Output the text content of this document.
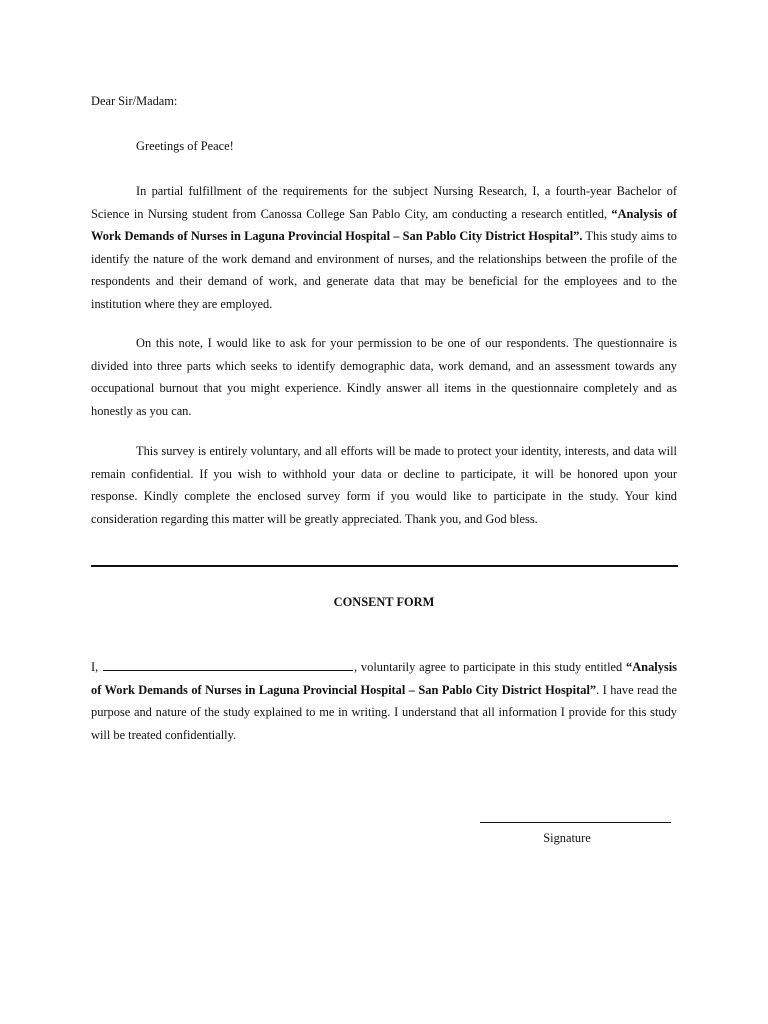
Dear Sir/Madam:

Greetings of Peace!

In partial fulfillment of the requirements for the subject Nursing Research, I, a fourth-year Bachelor of Science in Nursing student from Canossa College San Pablo City, am conducting a research entitled, “Analysis of Work Demands of Nurses in Laguna Provincial Hospital – San Pablo City District Hospital”. This study aims to identify the nature of the work demand and environment of nurses, and the relationships between the profile of the respondents and their demand of work, and generate data that may be beneficial for the employees and to the institution where they are employed.

On this note, I would like to ask for your permission to be one of our respondents. The questionnaire is divided into three parts which seeks to identify demographic data, work demand, and an assessment towards any occupational burnout that you might experience. Kindly answer all items in the questionnaire completely and as honestly as you can.

This survey is entirely voluntary, and all efforts will be made to protect your identity, interests, and data will remain confidential. If you wish to withhold your data or decline to participate, it will be honored upon your response. Kindly complete the enclosed survey form if you would like to participate in the study. Your kind consideration regarding this matter will be greatly appreciated. Thank you, and God bless.

CONSENT FORM

I,	, voluntarily agree to participate in this study entitled “Analysis of Work Demands of Nurses in Laguna Provincial Hospital – San Pablo City District Hospital”. I have read the purpose and nature of the study explained to me in writing. I understand that all information I provide for this study will be treated confidentially.

Signature
